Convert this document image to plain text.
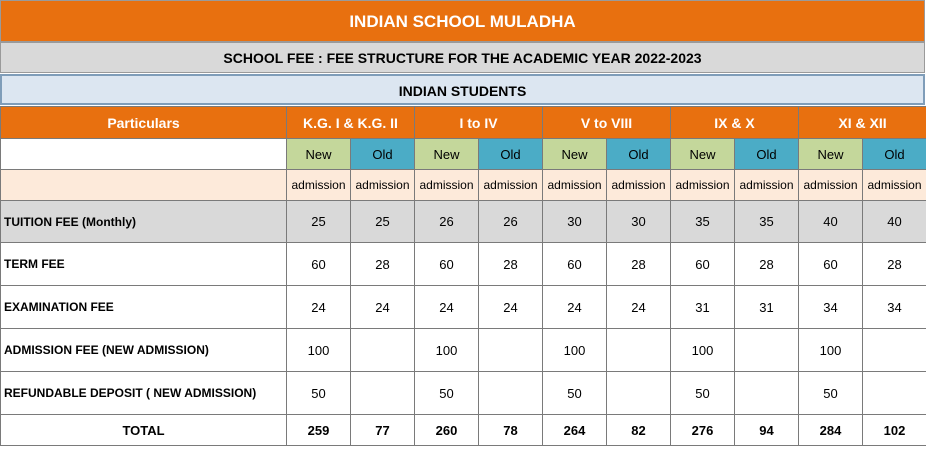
INDIAN SCHOOL MULADHA
SCHOOL FEE : FEE STRUCTURE FOR THE ACADEMIC YEAR 2022-2023
INDIAN STUDENTS
Particulars	K.G. I & K.G. II		I to IV		V to VIII		IX & X		XI & XII	
	New	Old	New	Old	New	Old	New	Old	New	Old
	admission	admission	admission	admission	admission	admission	admission	admission	admission	admission
TUITION FEE (Monthly)	25	25	26	26	30	30	35	35	40	40
TERM FEE	60	28	60	28	60	28	60	28	60	28
EXAMINATION FEE	24	24	24	24	24	24	31	31	34	34
ADMISSION FEE (NEW ADMISSION)	100		100		100		100		100	
REFUNDABLE DEPOSIT ( NEW ADMISSION)	50		50		50		50		50	
TOTAL	259	77	260	78	264	82	276	94	284	102
